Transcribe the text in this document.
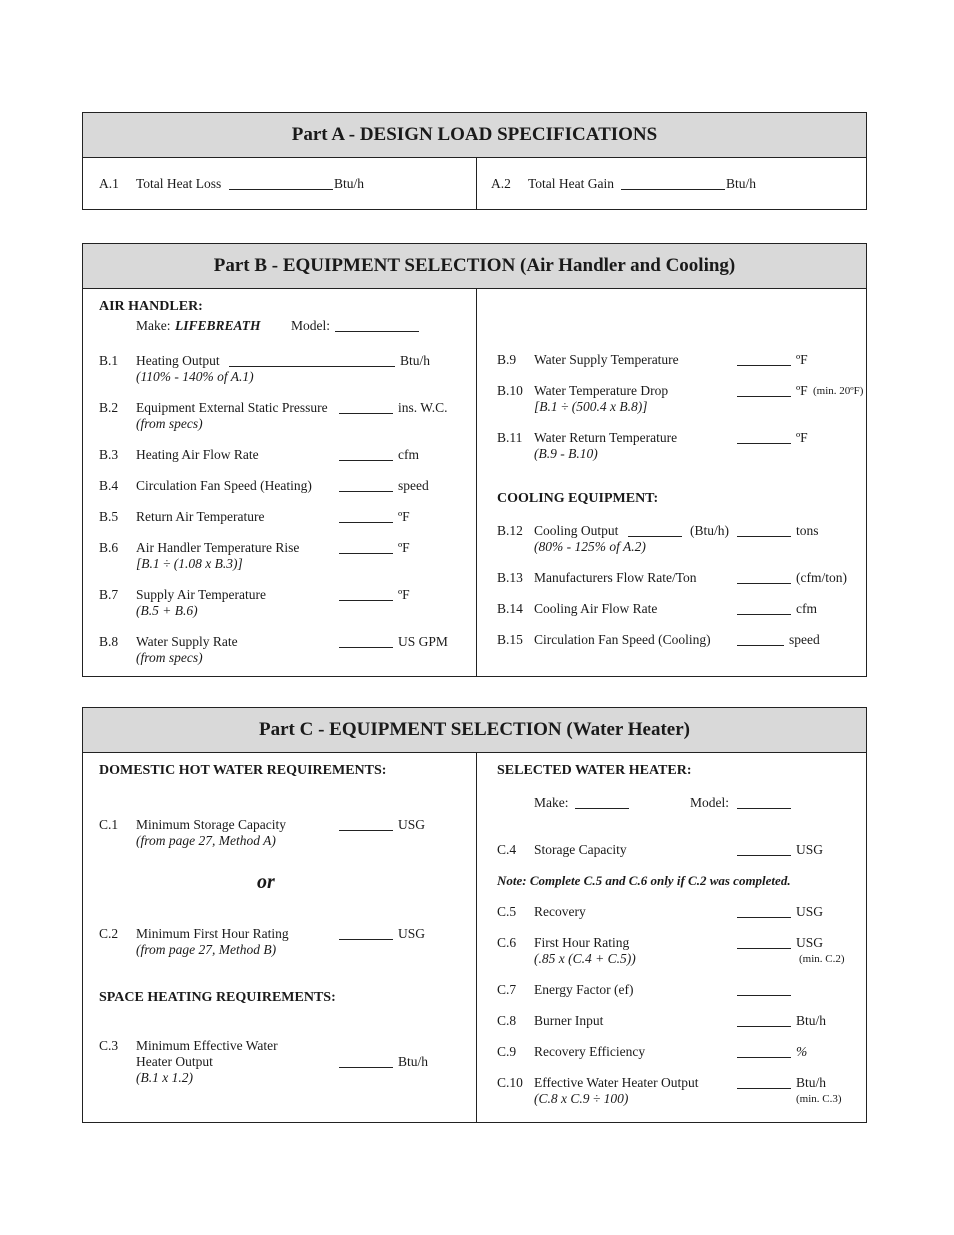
Part A - DESIGN LOAD SPECIFICATIONS
A.1 Total Heat Loss	Btu/h	A.2 Total Heat Gain	Btu/h
Part B - EQUIPMENT SELECTION (Air Handler and Cooling)
AIR HANDLER:
Make: LIFEBREATH Model:
B.1 Heating Output	Btu/h
(110% - 140% of A.1)
B.2 Equipment External Static Pressure	ins. W.C.
(from specs)
B.3 Heating Air Flow Rate	cfm
B.4 Circulation Fan Speed (Heating)	speed
B.5 Return Air Temperature	ºF
B.6 Air Handler Temperature Rise	ºF
[B.1 ÷ (1.08 x B.3)]
B.7 Supply Air Temperature	ºF
(B.5 + B.6)
B.8 Water Supply Rate	US GPM
(from specs)
B.9 Water Supply Temperature	ºF
B.10 Water Temperature Drop	ºF (min. 20ºF)
[B.1 ÷ (500.4 x B.8)]
B.11 Water Return Temperature	ºF
(B.9 - B.10)
COOLING EQUIPMENT:
B.12 Cooling Output	(Btu/h)	tons
(80% - 125% of A.2)
B.13 Manufacturers Flow Rate/Ton	(cfm/ton)
B.14 Cooling Air Flow Rate	cfm
B.15 Circulation Fan Speed (Cooling)	speed
Part C - EQUIPMENT SELECTION (Water Heater)
DOMESTIC HOT WATER REQUIREMENTS:
C.1 Minimum Storage Capacity	USG
(from page 27, Method A)
or
C.2 Minimum First Hour Rating	USG
(from page 27, Method B)
SPACE HEATING REQUIREMENTS:
C.3 Minimum Effective Water
Heater Output	Btu/h
(B.1 x 1.2)
SELECTED WATER HEATER:
Make:	Model:
C.4 Storage Capacity	USG
Note: Complete C.5 and C.6 only if C.2 was completed.
C.5 Recovery	USG
C.6 First Hour Rating	USG
(.85 x (C.4 + C.5))	(min. C.2)
C.7 Energy Factor (ef)
C.8 Burner Input	Btu/h
C.9 Recovery Efficiency	%
C.10 Effective Water Heater Output	Btu/h
(C.8 x C.9 ÷ 100)	(min. C.3)
